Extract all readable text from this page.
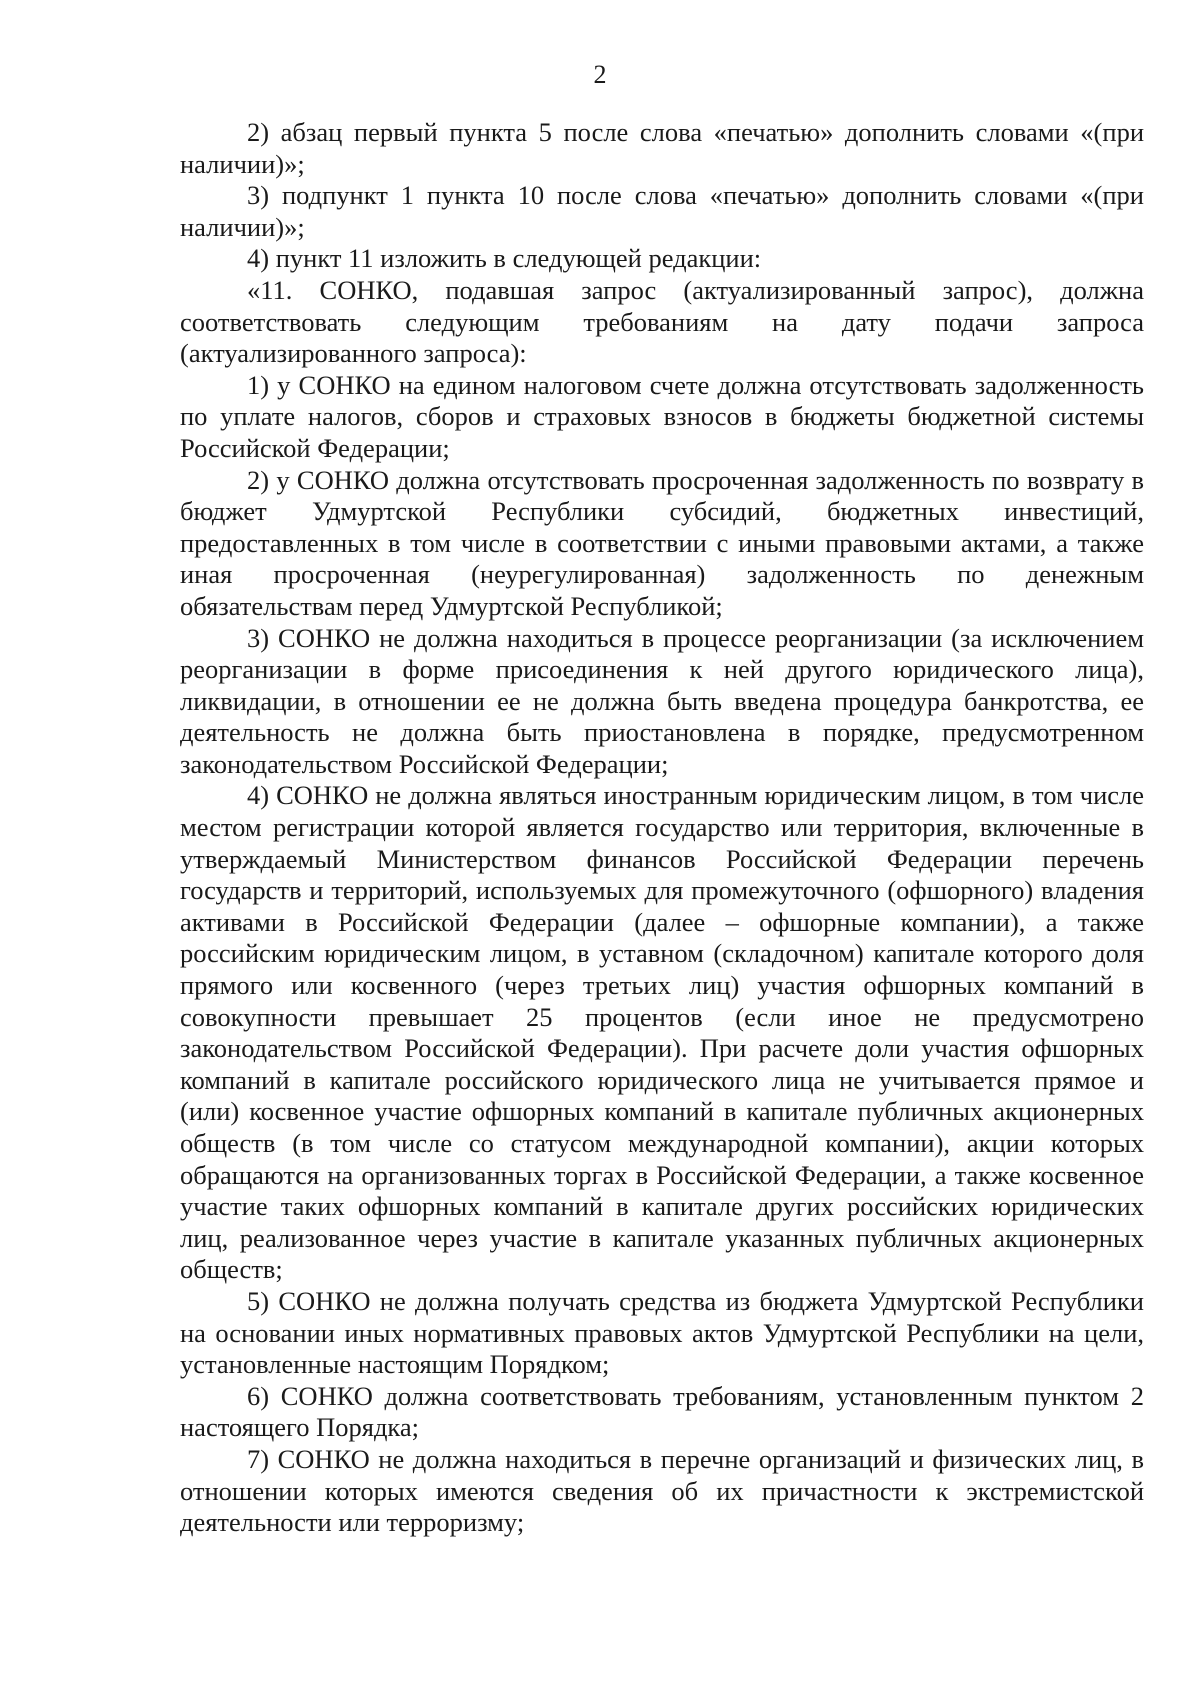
2

2) абзац первый пункта 5 после слова «печатью» дополнить словами «(при наличии)»;

3) подпункт 1 пункта 10 после слова «печатью» дополнить словами «(при наличии)»;

4) пункт 11 изложить в следующей редакции:

«11. СОНКО, подавшая запрос (актуализированный запрос), должна соответствовать следующим требованиям на дату подачи запроса (актуализированного запроса):

1) у СОНКО на едином налоговом счете должна отсутствовать задолженность по уплате налогов, сборов и страховых взносов в бюджеты бюджетной системы Российской Федерации;

2) у СОНКО должна отсутствовать просроченная задолженность по возврату в бюджет Удмуртской Республики субсидий, бюджетных инвестиций, предоставленных в том числе в соответствии с иными правовыми актами, а также иная просроченная (неурегулированная) задолженность по денежным обязательствам перед Удмуртской Республикой;

3) СОНКО не должна находиться в процессе реорганизации (за исключением реорганизации в форме присоединения к ней другого юридического лица), ликвидации, в отношении ее не должна быть введена процедура банкротства, ее деятельность не должна быть приостановлена в порядке, предусмотренном законодательством Российской Федерации;

4) СОНКО не должна являться иностранным юридическим лицом, в том числе местом регистрации которой является государство или территория, включенные в утверждаемый Министерством финансов Российской Федерации перечень государств и территорий, используемых для промежуточного (офшорного) владения активами в Российской Федерации (далее – офшорные компании), а также российским юридическим лицом, в уставном (складочном) капитале которого доля прямого или косвенного (через третьих лиц) участия офшорных компаний в совокупности превышает 25 процентов (если иное не предусмотрено законодательством Российской Федерации). При расчете доли участия офшорных компаний в капитале российского юридического лица не учитывается прямое и (или) косвенное участие офшорных компаний в капитале публичных акционерных обществ (в том числе со статусом международной компании), акции которых обращаются на организованных торгах в Российской Федерации, а также косвенное участие таких офшорных компаний в капитале других российских юридических лиц, реализованное через участие в капитале указанных публичных акционерных обществ;

5) СОНКО не должна получать средства из бюджета Удмуртской Республики на основании иных нормативных правовых актов Удмуртской Республики на цели, установленные настоящим Порядком;

6) СОНКО должна соответствовать требованиям, установленным пунктом 2 настоящего Порядка;

7) СОНКО не должна находиться в перечне организаций и физических лиц, в отношении которых имеются сведения об их причастности к экстремистской деятельности или терроризму;
